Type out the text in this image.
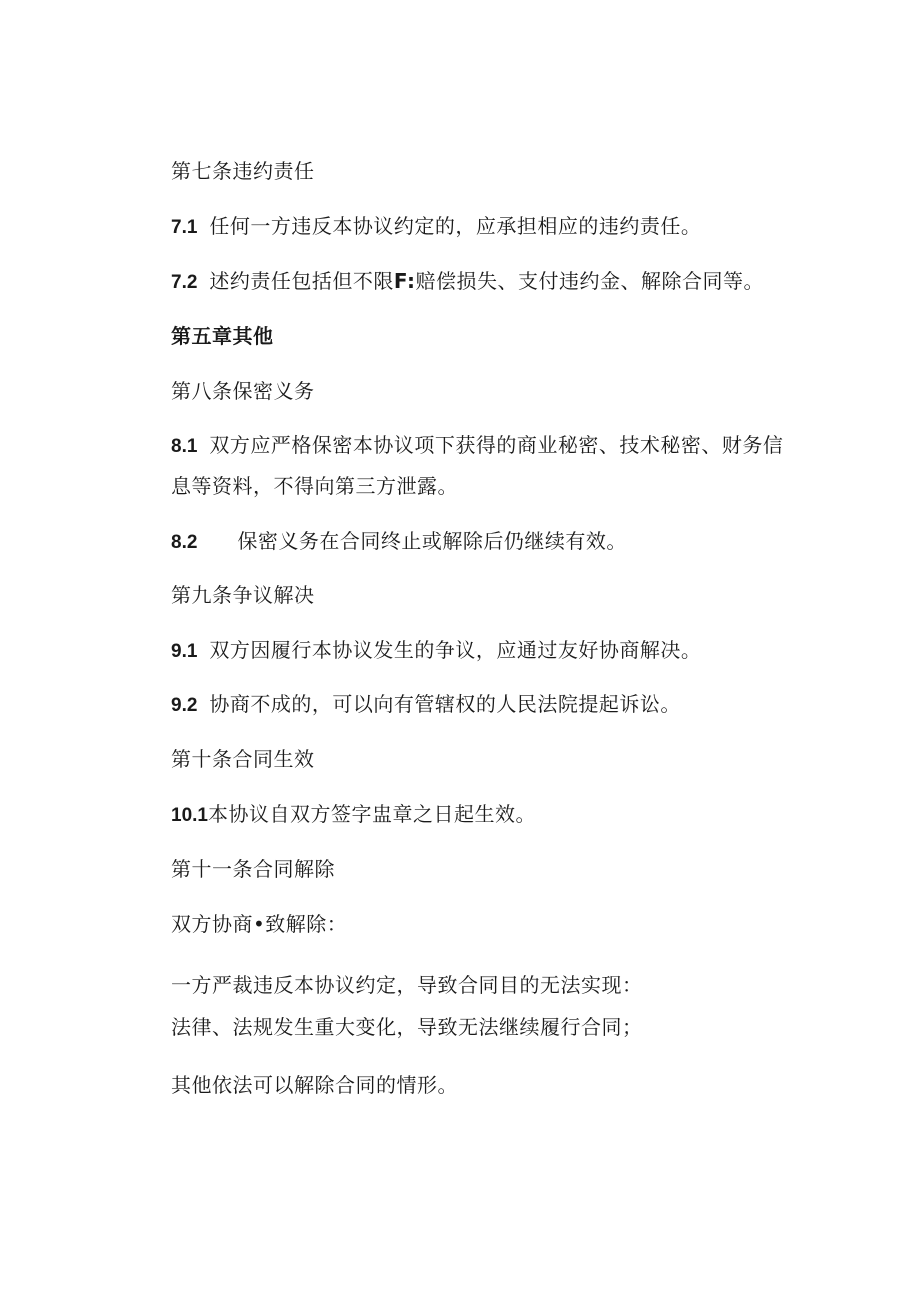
第七条违约责任
7.1 任何一方违反本协议约定的，应承担相应的违约责任。
7.2 述约责任包括但不限F:赔偿损失、支付违约金、解除合同等。
第五章其他
第八条保密义务
8.1 双方应严格保密本协议项下获得的商业秘密、技术秘密、财务信
息等资料，不得向第三方泄露。
8.2 保密义务在合同终止或解除后仍继续有效。
第九条争议解决
9.1 双方因履行本协议发生的争议，应通过友好协商解决。
9.2 协商不成的，可以向有管辖权的人民法院提起诉讼。
第十条合同生效
10.1本协议自双方签字盅章之日起生效。
第十一条合同解除
双方协商•致解除：
一方严裁违反本协议约定，导致合同目的无法实现：
法律、法规发生重大变化，导致无法继续履行合同；
其他依法可以解除合同的情形。
